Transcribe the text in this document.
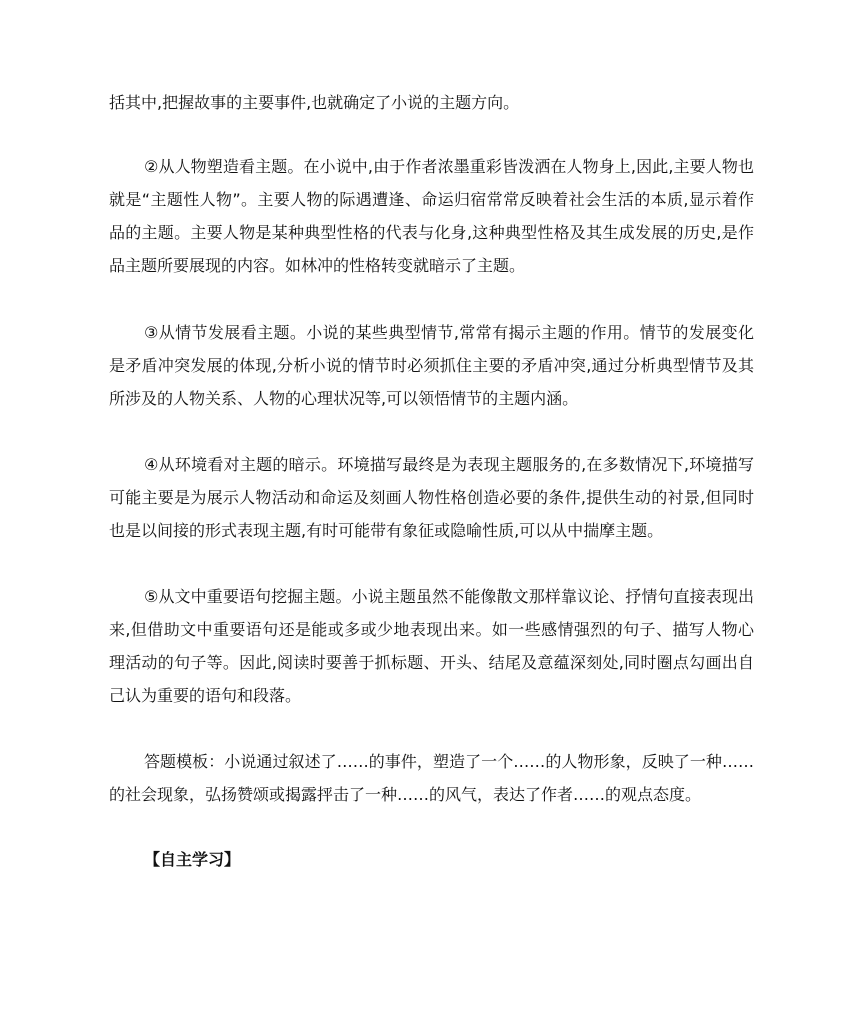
括其中,把握故事的主要事件,也就确定了小说的主题方向。

②从人物塑造看主题。在小说中,由于作者浓墨重彩皆泼洒在人物身上,因此,主要人物也就是“主题性人物”。主要人物的际遇遭逢、命运归宿常常反映着社会生活的本质,显示着作品的主题。主要人物是某种典型性格的代表与化身,这种典型性格及其生成发展的历史,是作品主题所要展现的内容。如林冲的性格转变就暗示了主题。

③从情节发展看主题。小说的某些典型情节,常常有揭示主题的作用。情节的发展变化是矛盾冲突发展的体现,分析小说的情节时必须抓住主要的矛盾冲突,通过分析典型情节及其所涉及的人物关系、人物的心理状况等,可以领悟情节的主题内涵。

④从环境看对主题的暗示。环境描写最终是为表现主题服务的,在多数情况下,环境描写可能主要是为展示人物活动和命运及刻画人物性格创造必要的条件,提供生动的衬景,但同时也是以间接的形式表现主题,有时可能带有象征或隐喻性质,可以从中揣摩主题。

⑤从文中重要语句挖掘主题。小说主题虽然不能像散文那样靠议论、抒情句直接表现出来,但借助文中重要语句还是能或多或少地表现出来。如一些感情强烈的句子、描写人物心理活动的句子等。因此,阅读时要善于抓标题、开头、结尾及意蕴深刻处,同时圈点勾画出自己认为重要的语句和段落。

答题模板：小说通过叙述了……的事件，塑造了一个……的人物形象，反映了一种……的社会现象，弘扬赞颂或揭露抨击了一种……的风气，表达了作者……的观点态度。

【自主学习】
